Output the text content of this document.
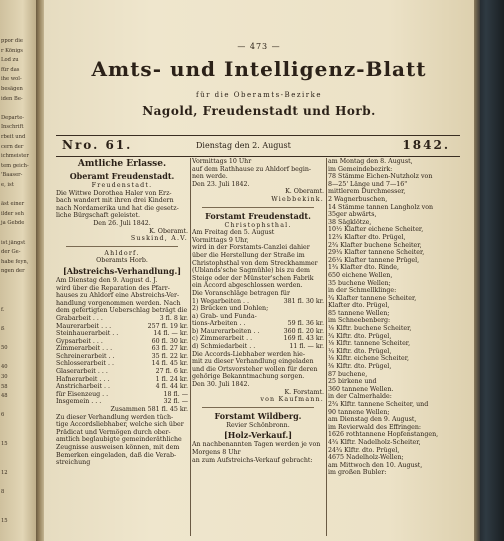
ppor die
r Königs
Lod zu
für das
ihe wol-
besägen
iden Be-
Departe-
Inschrift
rbeit und
cern der
ichmeister
tem geich-
'Baaser-
e, ist
äst einer
ilder seh
ja Gebde
ist jängst
der Ge-
habe feyn,
ngen der
f.
ß
50
40
30
58
48
6
15
12
8
15
— 473 —
Amts- und Intelligenz-Blatt
für die Oberamts-Bezirke
Nagold, Freudenstadt und Horb.
Nro. 61.	Dienstag den 2. August	1842.
Amtliche Erlasse.
Oberamt Freudenstadt.
Freudenstadt.
Die Wittwe Dorothea Haler von Erz-
bach wandert mit ihren drei Kindern
nach Nordamerika und hat die gesetz-
liche Bürgschaft geleistet.
Den 26. Juli 1842.
K. Oberamt.
Suskind, A.V.
Ahldorf.
Oberamts Horb.
[Abstreichs-Verhandlung.]
Am Dienstag den 9. August d. J.
wird über die Reparation des Pfarr-
hauses zu Ahldorf eine Abstreichs-Ver-
handlung vorgenommen werden. Nach
dem gefertigten Ueberschlag beträgt die
Grabarbeit . . .	3 fl. 8 kr.
Maurerarbeit . . .	257 fl. 19 kr.
Steinhauerarbeit . .	14 fl. — kr.
Gypsarbeit . . .	60 fl. 30 kr.
Zimmerarbeit . . .	63 fl. 27 kr.
Schreinerarbeit . .	35 fl. 22 kr.
Schlosserarbeit . .	14 fl. 45 kr.
Glaserarbeit . . .	27 fl. 6 kr.
Hafnerarbeit . . .	1 fl. 24 kr.
Anstricharbeit . .	4 fl. 44 kr.
für Eisenzeug . .	18 fl. —
Insgemein . . .	32 fl. —
Zusammen 581 fl. 45 kr.
Zu dieser Verhandlung werden tüch-
tige Accordsliebhaber, welche sich über
Prädicat und Vermögen durch ober-
amtlich beglaubigte gemeinderäthliche
Zeugnisse ausweisen können, mit dem
Bemerken eingeladen, daß die Verab-
streichung
Vormittags 10 Uhr
auf dem Rathhause zu Ahldorf begin-
nen werde.
Den 23. Juli 1842.
K. Oberamt.
Wiebbekink.
Forstamt Freudenstadt.
Christophsthal.
Am Freitag den 5. August
Vormittags 9 Uhr,
wird in der Forstamts-Canzlei dahier
über die Herstellung der Straße im
Christophsthal von dem Streckhammer
(Ublands'sche Sagmühle) bis zu dem
Steige oder der Münster'schen Fabrik
ein Accord abgeschlossen werden.
Die Voranschläge betragen für
1) Wegarbeiten . .	381 fl. 30 kr.
2) Brücken und Dohlen;
a) Grab- und Funda-
tions-Arbeiten . .	59 fl. 36 kr.
b) Maurerarbeiten . .	360 fl. 20 kr.
c) Zimmerarbeit . .	169 fl. 43 kr.
d) Schmiedarbeit . .	11 fl. — kr.
Die Accords-Liebhaber werden hie-
mit zu dieser Verhandlung eingeladen
und die Ortsvorsteher wollen für deren
gehörige Bekanntmachung sorgen.
Den 30. Juli 1842.
K. Forstamt.
von Kaufmann.
Forstamt Wildberg.
Revier Schönbronn.
[Holz-Verkauf.]
An nachbenannten Tagen werden je von
Morgens 8 Uhr
an zum Aufstreichs-Verkauf gebracht:
am Montag den 8. August,
im Gemeindebezirk:
78 Stämme Eichen-Nutzholz von
8—25' Länge und 7—16"
mittlerem Durchmesser,
2 Wagnerbuschen,
14 Stämme tannen Langholz von
35ger abwärts,
38 Sägklötze,
10½ Klafter eichene Scheiter,
12¾ Klafter dto. Prügel,
2¾ Klafter buchene Scheiter,
29¼ Klafter tannene Scheiter,
26¼ Klafter tannene Prügel,
1¾ Klafter dto. Rinde,
650 eichene Wellen,
35 buchene Wellen;
in der Schmellklinge:
¾ Klafter tannene Scheiter,
Klafter dto. Prügel,
85 tannene Wellen;
im Schneebenberg:
⅛ Klftr. buchene Scheiter,
¾ Klftr. dto. Prügel,
⅛ Klftr. tannene Scheiter,
¼ Klftr. dto. Prügel,
⅛ Klftr. eichene Scheiter,
⅜ Klftr. dto. Prügel,
87 buchene,
25 birkene und
360 tannene Wellen.
in der Calmerhalde:
2¾ Klftr. tannene Scheiter, und
90 tannene Wellen;
am Dienstag den 9. August,
im Revierwald des Effringen:
1626 rothtannene Hopfenstangen,
4¾ Klftr. Nadelholz-Scheiter,
24¾ Klftr. dto. Prügel,
4675 Nadelholz-Wellen;
am Mittwoch den 10. August,
im großen Bubler:
